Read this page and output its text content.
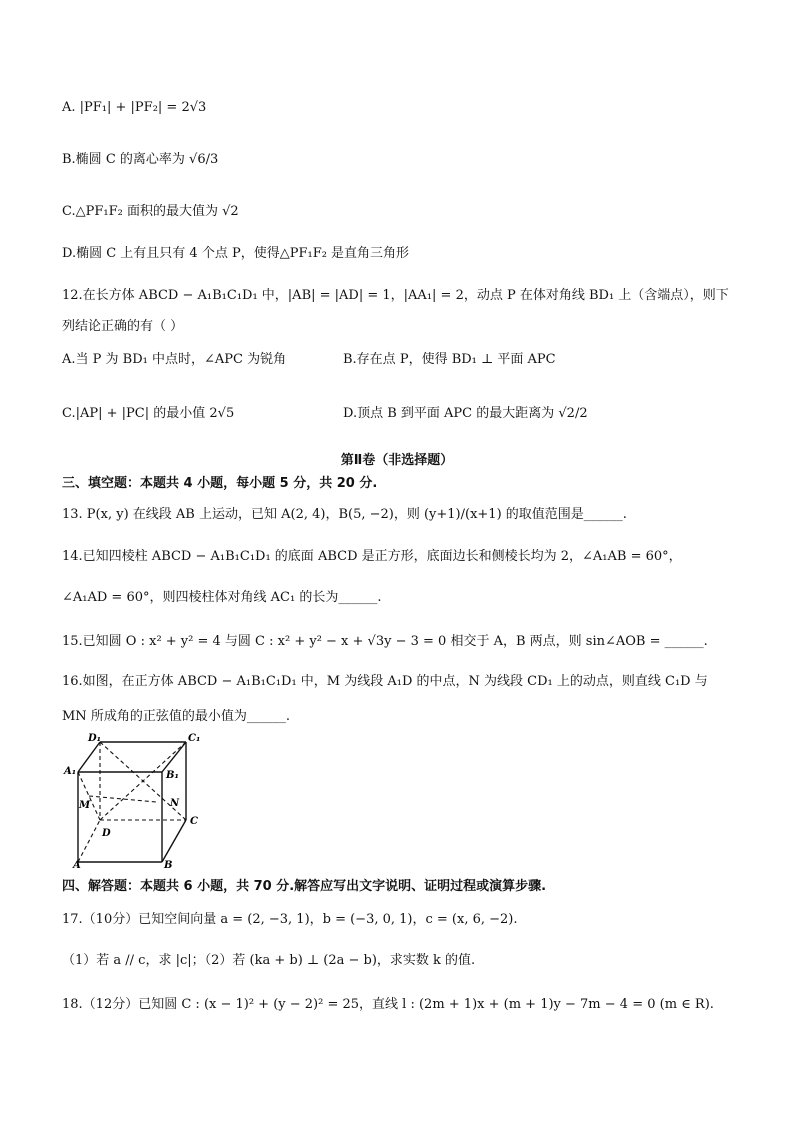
A. |PF₁| + |PF₂| = 2√3
B.椭圆 C 的离心率为 √6/3
C.△PF₁F₂ 面积的最大值为 √2
D.椭圆 C 上有且只有 4 个点 P，使得△PF₁F₂ 是直角三角形
12.在长方体 ABCD − A₁B₁C₁D₁ 中，|AB| = |AD| = 1，|AA₁| = 2，动点 P 在体对角线 BD₁ 上（含端点），则下
列结论正确的有（ ）
A.当 P 为 BD₁ 中点时，∠APC 为锐角	B.存在点 P，使得 BD₁ ⊥ 平面 APC
C.|AP| + |PC| 的最小值 2√5	D.顶点 B 到平面 APC 的最大距离为 √2/2
第Ⅱ卷（非选择题）
三、填空题：本题共 4 小题，每小题 5 分，共 20 分.
13. P(x, y) 在线段 AB 上运动，已知 A(2, 4)，B(5, −2)，则 (y+1)/(x+1) 的取值范围是______.
14.已知四棱柱 ABCD − A₁B₁C₁D₁ 的底面 ABCD 是正方形，底面边长和侧棱长均为 2，∠A₁AB = 60°，
∠A₁AD = 60°，则四棱柱体对角线 AC₁ 的长为______.
15.已知圆 O : x² + y² = 4 与圆 C : x² + y² − x + √3y − 3 = 0 相交于 A，B 两点，则 sin∠AOB = ______.
16.如图，在正方体 ABCD − A₁B₁C₁D₁ 中，M 为线段 A₁D 的中点，N 为线段 CD₁ 上的动点，则直线 C₁D 与
MN 所成角的正弦值的最小值为______.
D₁	C₁
A₁	B₁
M	N
D
C
A	B
四、解答题：本题共 6 小题，共 70 分.解答应写出文字说明、证明过程或演算步骤.
17.（10分）已知空间向量 a = (2, −3, 1)，b = (−3, 0, 1)，c = (x, 6, −2).
（1）若 a // c，求 |c|；（2）若 (ka + b) ⊥ (2a − b)，求实数 k 的值.
18.（12分）已知圆 C : (x − 1)² + (y − 2)² = 25，直线 l : (2m + 1)x + (m + 1)y − 7m − 4 = 0 (m ∈ R).
